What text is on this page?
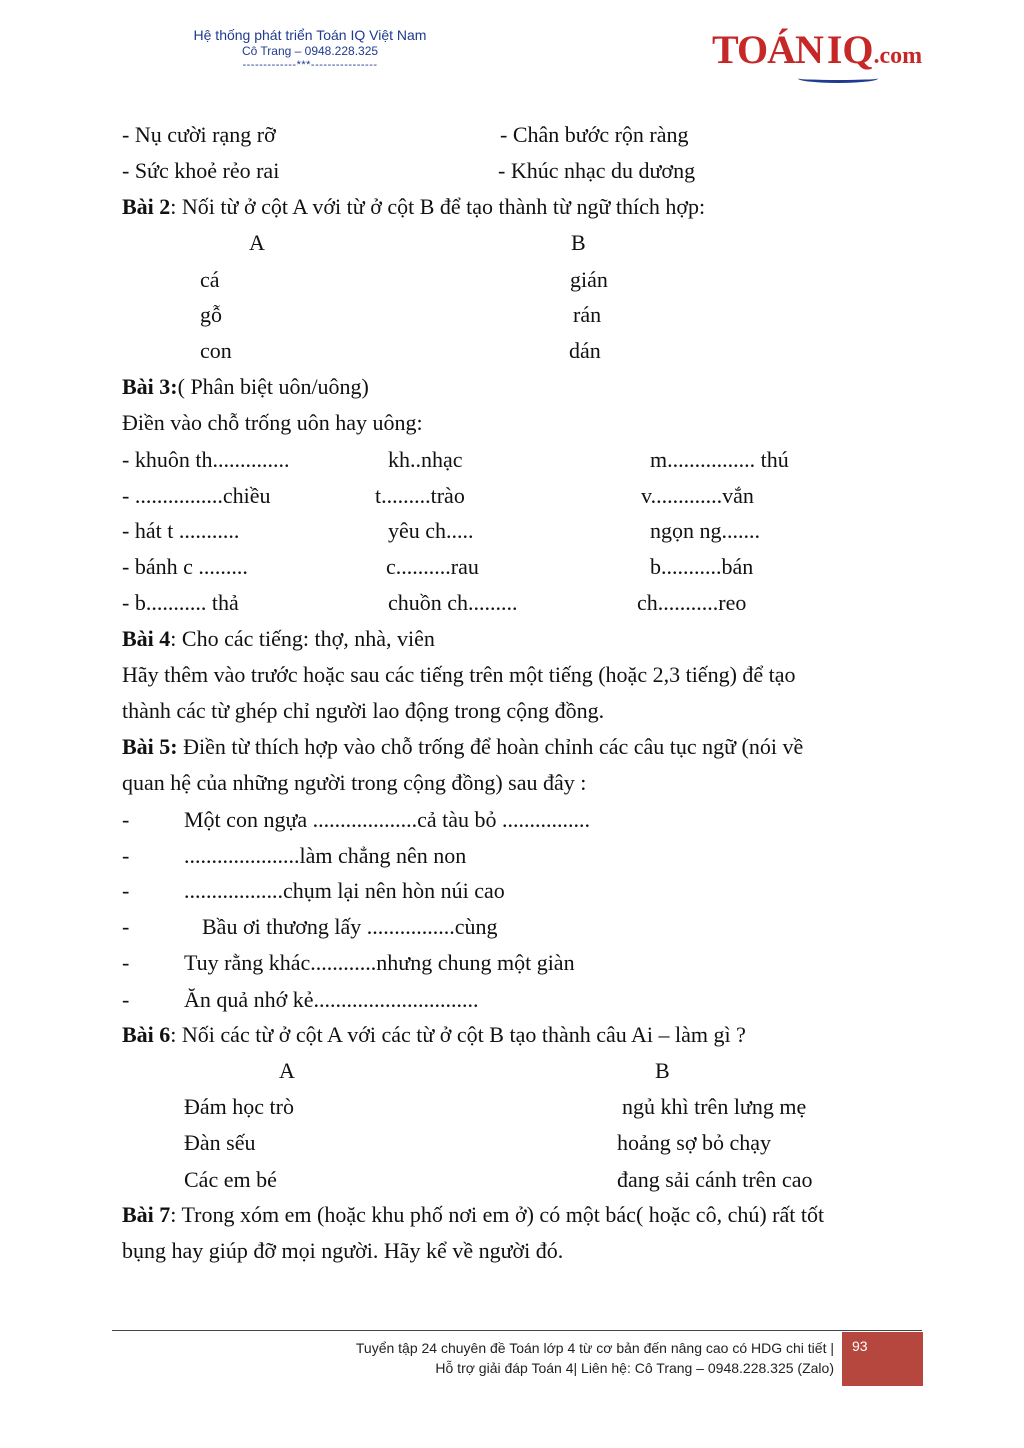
Hệ thống phát triển Toán IQ Việt Nam
Cô Trang – 0948.228.325
-------------***----------------	TOÁN IQ.com
- Nụ cười rạng rỡ	- Chân bước rộn ràng
- Sức khoẻ rẻo rai	- Khúc nhạc du dương
Bài 2: Nối từ ở cột A với từ ở cột B để tạo thành từ ngữ thích hợp:
A	B
cá	gián
gỗ	rán
con	dán
Bài 3:( Phân biệt uôn/uông)
Điền vào chỗ trống uôn hay uông:
- khuôn th..............	kh..nhạc	m................ thú
- ................chiều	t.........trào	v.............vắn
- hát t ...........	yêu ch.....	ngọn ng.......
- bánh c .........	c..........rau	b...........bán
- b........... thả	chuồn ch.........	ch...........reo
Bài 4: Cho các tiếng: thợ, nhà, viên
Hãy thêm vào trước hoặc sau các tiếng trên một tiếng (hoặc 2,3 tiếng) để tạo
thành các từ ghép chỉ người lao động trong cộng đồng.
Bài 5: Điền từ thích hợp vào chỗ trống để hoàn chỉnh các câu tục ngữ (nói về
quan hệ của những người trong cộng đồng) sau đây :
- Một con ngựa ...................cả tàu bỏ ................
- .....................làm chẳng nên non
- ..................chụm lại nên hòn núi cao
-	Bầu ơi thương lấy ................cùng
- Tuy rằng khác............nhưng chung một giàn
- Ăn quả nhớ kẻ..............................
Bài 6: Nối các từ ở cột A với các từ ở cột B tạo thành câu Ai – làm gì ?
A	B
Đám học trò	ngủ khì trên lưng mẹ
Đàn sếu	hoảng sợ bỏ chạy
Các em bé	đang sải cánh trên cao
Bài 7: Trong xóm em (hoặc khu phố nơi em ở) có một bác( hoặc cô, chú) rất tốt
bụng hay giúp đỡ mọi người. Hãy kể về người đó.
Tuyển tập 24 chuyên đề Toán lớp 4 từ cơ bản đến nâng cao có HDG chi tiết |
Hỗ trợ giải đáp Toán 4| Liên hệ: Cô Trang – 0948.228.325 (Zalo)
93
